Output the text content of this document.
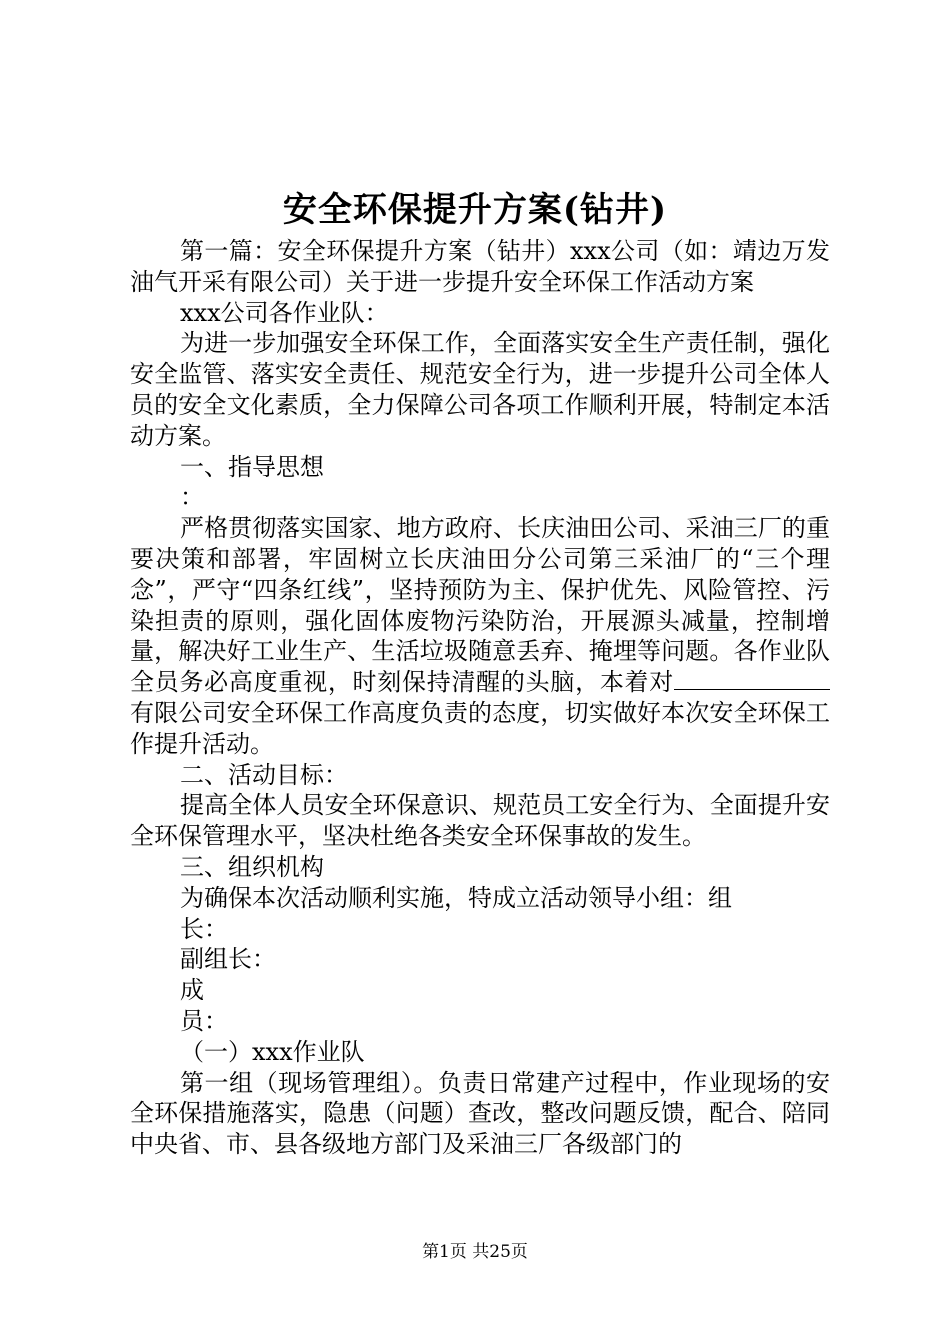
安全环保提升方案(钻井)

第一篇：安全环保提升方案（钻井）xxx公司（如：靖边万发油气开采有限公司）关于进一步提升安全环保工作活动方案

xxx公司各作业队：

为进一步加强安全环保工作，全面落实安全生产责任制，强化安全监管、落实安全责任、规范安全行为，进一步提升公司全体人员的安全文化素质，全力保障公司各项工作顺利开展，特制定本活动方案。

一、指导思想

：

严格贯彻落实国家、地方政府、长庆油田公司、采油三厂的重要决策和部署，牢固树立长庆油田分公司第三采油厂的“三个理念”，严守“四条红线”，坚持预防为主、保护优先、风险管控、污染担责的原则，强化固体废物污染防治，开展源头减量，控制增量，解决好工业生产、生活垃圾随意丢弃、掩埋等问题。各作业队全员务必高度重视，时刻保持清醒的头脑，本着对有限公司安全环保工作高度负责的态度，切实做好本次安全环保工作提升活动。

二、活动目标：

提高全体人员安全环保意识、规范员工安全行为、全面提升安全环保管理水平，坚决杜绝各类安全环保事故的发生。

三、组织机构

为确保本次活动顺利实施，特成立活动领导小组：组

长：

副组长：

成

员：

（一）xxx作业队

第一组（现场管理组）。负责日常建产过程中，作业现场的安全环保措施落实，隐患（问题）查改，整改问题反馈，配合、陪同中央省、市、县各级地方部门及采油三厂各级部门的

第1页 共25页
